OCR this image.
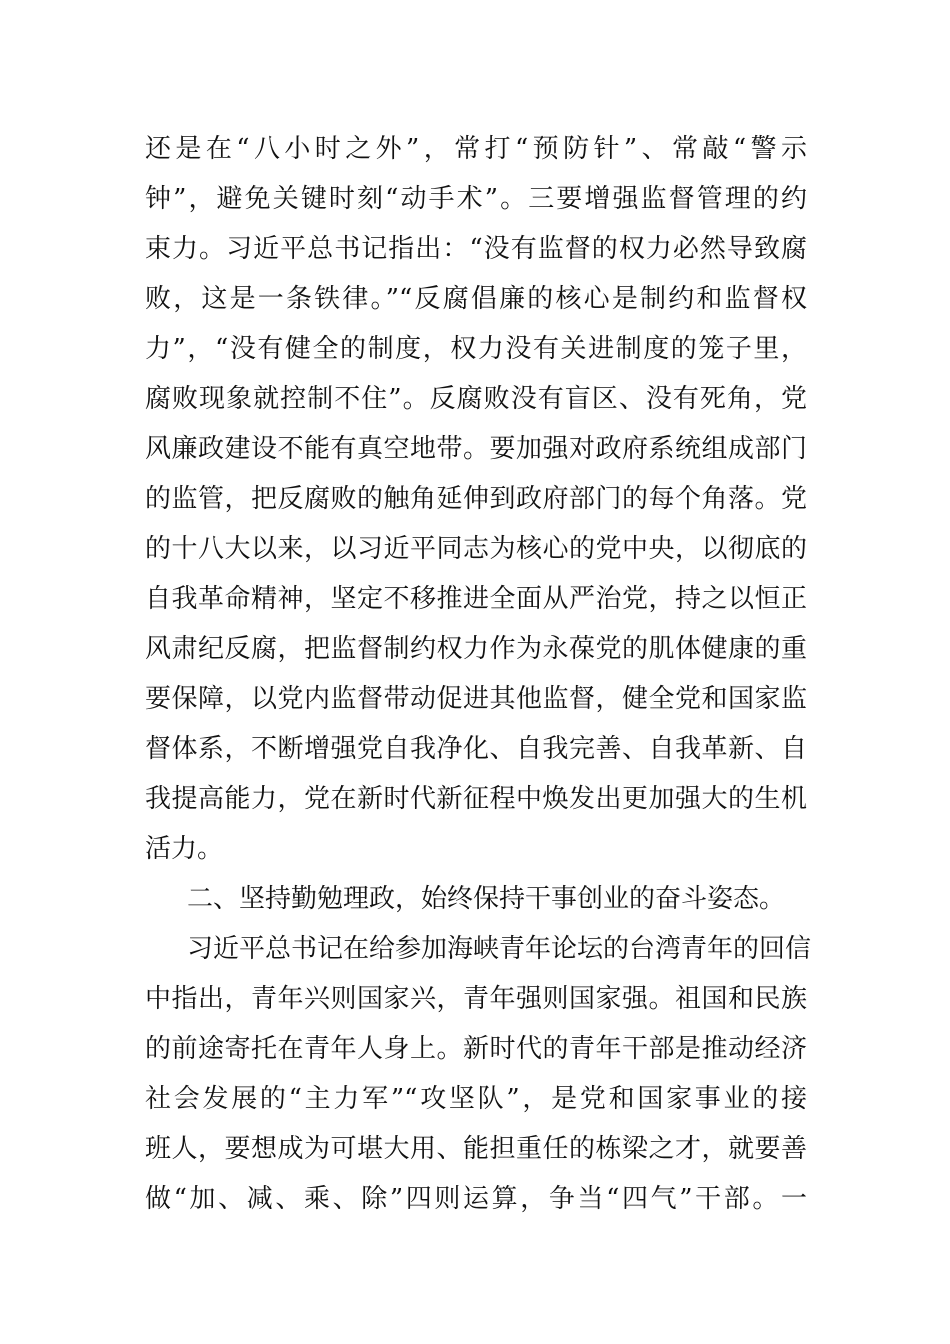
还是在“八小时之外”，常打“预防针”、常敲“警示

钟”，避免关键时刻“动手术”。三要增强监督管理的约

束力。习近平总书记指出：“没有监督的权力必然导致腐

败，这是一条铁律。”“反腐倡廉的核心是制约和监督权

力”，“没有健全的制度，权力没有关进制度的笼子里，

腐败现象就控制不住”。反腐败没有盲区、没有死角，党

风廉政建设不能有真空地带。要加强对政府系统组成部门

的监管，把反腐败的触角延伸到政府部门的每个角落。党

的十八大以来，以习近平同志为核心的党中央，以彻底的

自我革命精神，坚定不移推进全面从严治党，持之以恒正

风肃纪反腐，把监督制约权力作为永葆党的肌体健康的重

要保障，以党内监督带动促进其他监督，健全党和国家监

督体系，不断增强党自我净化、自我完善、自我革新、自

我提高能力，党在新时代新征程中焕发出更加强大的生机

活力。

二、坚持勤勉理政，始终保持干事创业的奋斗姿态。

习近平总书记在给参加海峡青年论坛的台湾青年的回信

中指出，青年兴则国家兴，青年强则国家强。祖国和民族

的前途寄托在青年人身上。新时代的青年干部是推动经济

社会发展的“主力军”“攻坚队”，是党和国家事业的接

班人，要想成为可堪大用、能担重任的栋梁之才，就要善

做“加、减、乘、除”四则运算，争当“四气”干部。一
